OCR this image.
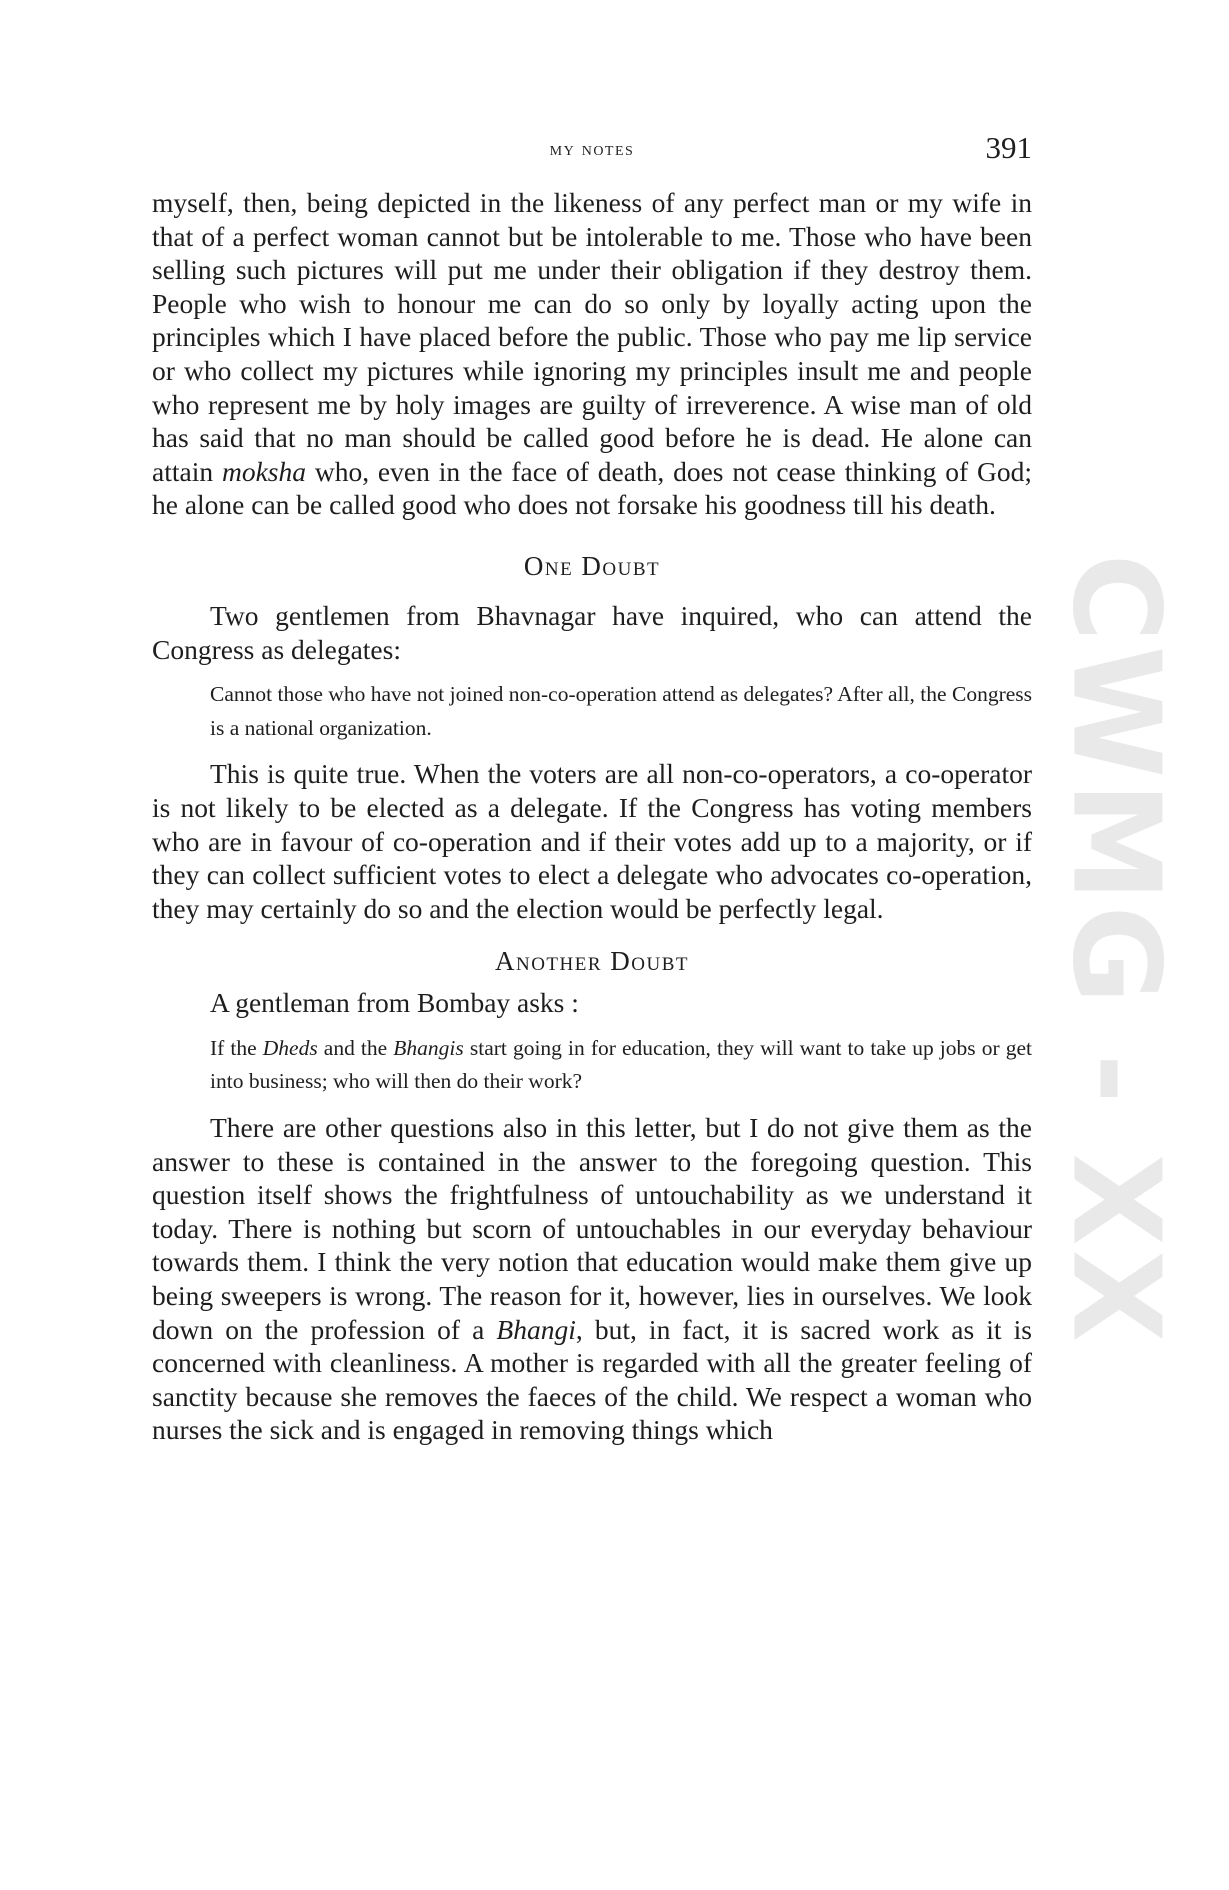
CWMG - XX
my notes	391

myself, then, being depicted in the likeness of any perfect man or my wife in that of a perfect woman cannot but be intolerable to me. Those who have been selling such pictures will put me under their obligation if they destroy them. People who wish to honour me can do so only by loyally acting upon the principles which I have placed before the public. Those who pay me lip service or who collect my pictures while ignoring my principles insult me and people who represent me by holy images are guilty of irreverence. A wise man of old has said that no man should be called good before he is dead. He alone can attain moksha who, even in the face of death, does not cease thinking of God; he alone can be called good who does not forsake his goodness till his death.

One Doubt

Two gentlemen from Bhavnagar have inquired, who can attend the Congress as delegates:

Cannot those who have not joined non-co-operation attend as delegates? After all, the Congress is a national organization.

This is quite true. When the voters are all non-co-operators, a co-operator is not likely to be elected as a delegate. If the Congress has voting members who are in favour of co-operation and if their votes add up to a majority, or if they can collect sufficient votes to elect a delegate who advocates co-operation, they may certainly do so and the election would be perfectly legal.

Another Doubt

A gentleman from Bombay asks :

If the Dheds and the Bhangis start going in for education, they will want to take up jobs or get into business; who will then do their work?

There are other questions also in this letter, but I do not give them as the answer to these is contained in the answer to the foregoing question. This question itself shows the frightfulness of untouchability as we understand it today. There is nothing but scorn of untouchables in our everyday behaviour towards them. I think the very notion that education would make them give up being sweepers is wrong. The reason for it, however, lies in ourselves. We look down on the profession of a Bhangi, but, in fact, it is sacred work as it is concerned with cleanliness. A mother is regarded with all the greater feeling of sanctity because she removes the faeces of the child. We respect a woman who nurses the sick and is engaged in removing things which
